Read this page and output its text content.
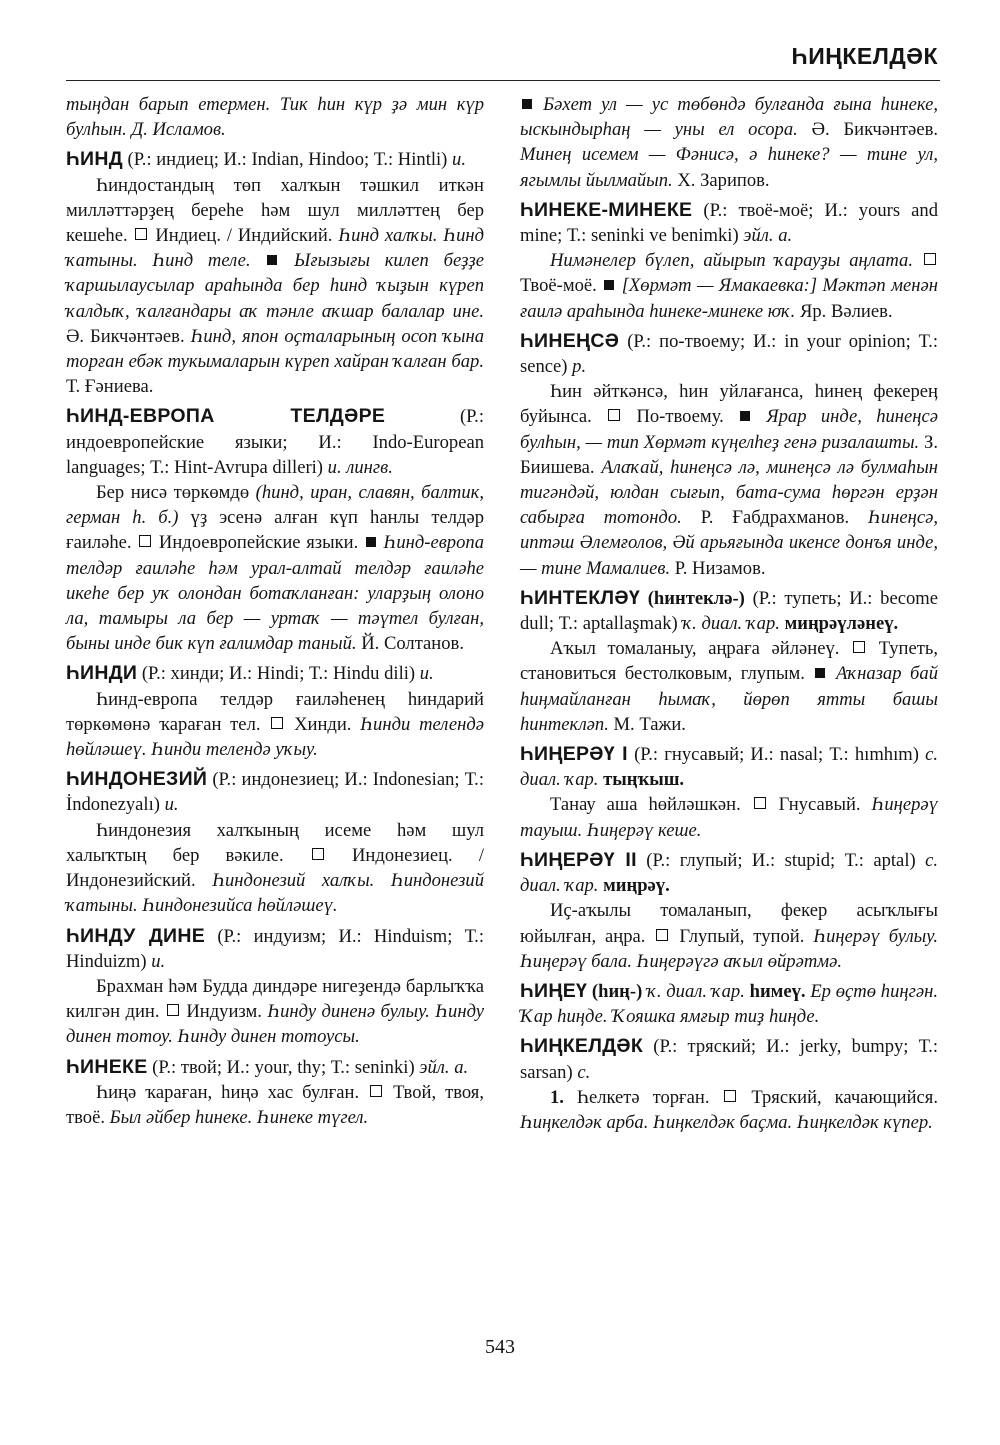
ҺИҢКЕЛДӘК

тыңдан барып етермен. Тик һин күр ҙә мин күр булһын. Д. Исламов.

ҺИНД (Р.: индиец; И.: Indian, Hindoo; Т.: Hintli) и.

Һиндостандың төп халҡын тәшкил иткән милләттәрҙең береһе һәм шул милләттең бер кешеһе.  Индиец. / Индийский. Һинд халҡы. Һинд ҡатыны. Һинд теле.  Ығызығы килеп беҙҙе ҡаршылаусылар араһында бер һинд ҡыҙын күреп ҡалдыҡ, ҡалғандары аҡ тәнле аҡшар балалар ине. Ә. Бикчәнтәев. Һинд, япон оҫталарының осоп ҡына торған ебәк тукымаларын күреп хайран ҡалған бар. Т. Ғәниева.

ҺИНД-ЕВРОПА ТЕЛДӘРЕ (Р.: индоевропейские языки; И.: Indo-European languages; Т.: Hint-Avrupa dilleri) и. лингв.

Бер нисә төркөмдө (һинд, иран, славян, балтик, герман һ. б.) үҙ эсенә алған күп һанлы телдәр ғаиләһе.  Индоевропейские языки.  Һинд-европа телдәр ғаиләһе һәм урал-алтай телдәр ғаиләһе икеһе бер уҡ олондан ботаҡланған: уларҙың олоно ла, тамыры ла бер — уртаҡ — тәүтел булған, быны инде бик күп ғалимдар таный. Й. Солтанов.

ҺИНДИ (Р.: хинди; И.: Hindi; Т.: Hindu dili) и.

Һинд-европа телдәр ғаиләһенең һиндарий төркөмөнә ҡараған тел.  Хинди. Һинди телендә һөйләшеү. Һинди телендә уҡыу.

ҺИНДОНЕЗИЙ (Р.: индонезиец; И.: Indonesian; Т.: İndonezyalı) и.

Һиндонезия халҡының исеме һәм шул халыҡтың бер вәкиле.  Индонезиец. / Индонезийский. Һиндонезий халҡы. Һиндонезий ҡатыны. Һиндонезийса һөйләшеү.

ҺИНДУ ДИНЕ (Р.: индуизм; И.: Hinduism; Т.: Hinduizm) и.

Брахман һәм Будда диндәре нигеҙендә барлыҡҡа килгән дин.  Индуизм. Һинду диненә булыу. Һинду динен тотоу. Һинду динен тотоусы.

ҺИНЕКЕ (Р.: твой; И.: your, thy; Т.: seninki) эйл. а.

Һиңә ҡараған, һиңә хас булған.  Твой, твоя, твоё. Был әйбер һинеке. Һинеке түгел.

Бәхет ул — ус төбөндә булғанда ғына һинеке, ыскындырһаң — уны ел осора. Ә. Бикчәнтәев. Минең исемем — Фәнисә, ә һинеке? — тине ул, ягымлы йылмайып. Х. Зарипов.

ҺИНЕКЕ-МИНЕКЕ (Р.: твоё-моё; И.: yours and mine; Т.: seninki ve benimki) эйл. а.

Нимәнелер бүлеп, айырып ҡарауҙы аңлата.  Твоё-моё.  [Хөрмәт — Ямакаевка:] Мәктәп менән ғаилә араһында һинеке-минеке юҡ. Яр. Вәлиев.

ҺИНЕҢСӘ (Р.: по-твоему; И.: in your opinion; Т.: sence) р.

Һин әйткәнсә, һин уйлағанса, һинең фекереӊ буйынса.  По-твоему.  Ярар инде, һинеңсә булһын, — тип Хөрмәт күңелһеҙ генә ризалашты. З. Биишева. Алаҡай, һинеңсә лә, минеңсә лә булмаһын тигәндәй, юлдан сығып, бата-сума һөргән ерҙән сабырға тотондо. Р. Ғабдрахманов. Һинеңсә, иптәш Әлемғолов, Әй арьяғында икенсе донъя инде, — тине Мамалиев. Р. Низамов.

ҺИНТЕКЛӘҮ (һинтеклә-) (Р.: тупеть; И.: become dull; Т.: aptallaşmak) ҡ. диал. ҡар. миңрәүләнеү.

Аҡыл томаланыу, аңраға әйләнеү.  Тупеть, становиться бестолковым, глупым.  Аҡназар бай һиңмайланған һымаҡ, йөрөп ятты башы һинтекләп. М. Тажи.

ҺИҢЕРӘҮ I (Р.: гнусавый; И.: nasal; Т.: hımhım) с. диал. ҡар. тыңҡыш.

Танау аша һөйләшкән.  Гнусавый. Һиңерәү тауыш. Һиңерәү кеше.

ҺИҢЕРӘҮ II (Р.: глупый; И.: stupid; Т.: aptal) с. диал. ҡар. миңрәү.

Иҫ-аҡылы томаланып, фекер асыҡлығы юйылған, аңра.  Глупый, тупой. Һиңерәү булыу. Һиңерәү бала. Һиңерәүгә аҡыл өйрәтмә.

ҺИҢЕҮ (һиң-) ҡ. диал. ҡар. һимеү. Ер өҫтө һиңгән. Ҡар һиңде. Ҡояшка ямғыр тиҙ һиңде.

ҺИҢКЕЛДӘК (Р.: тряский; И.: jerky, bumpy; Т.: sarsan) с.

1. Һелкетә торған.  Тряский, качающийся. Һиңкелдәк арба. Һиңкелдәк баҫма. Һиңкелдәк күпер.

543
